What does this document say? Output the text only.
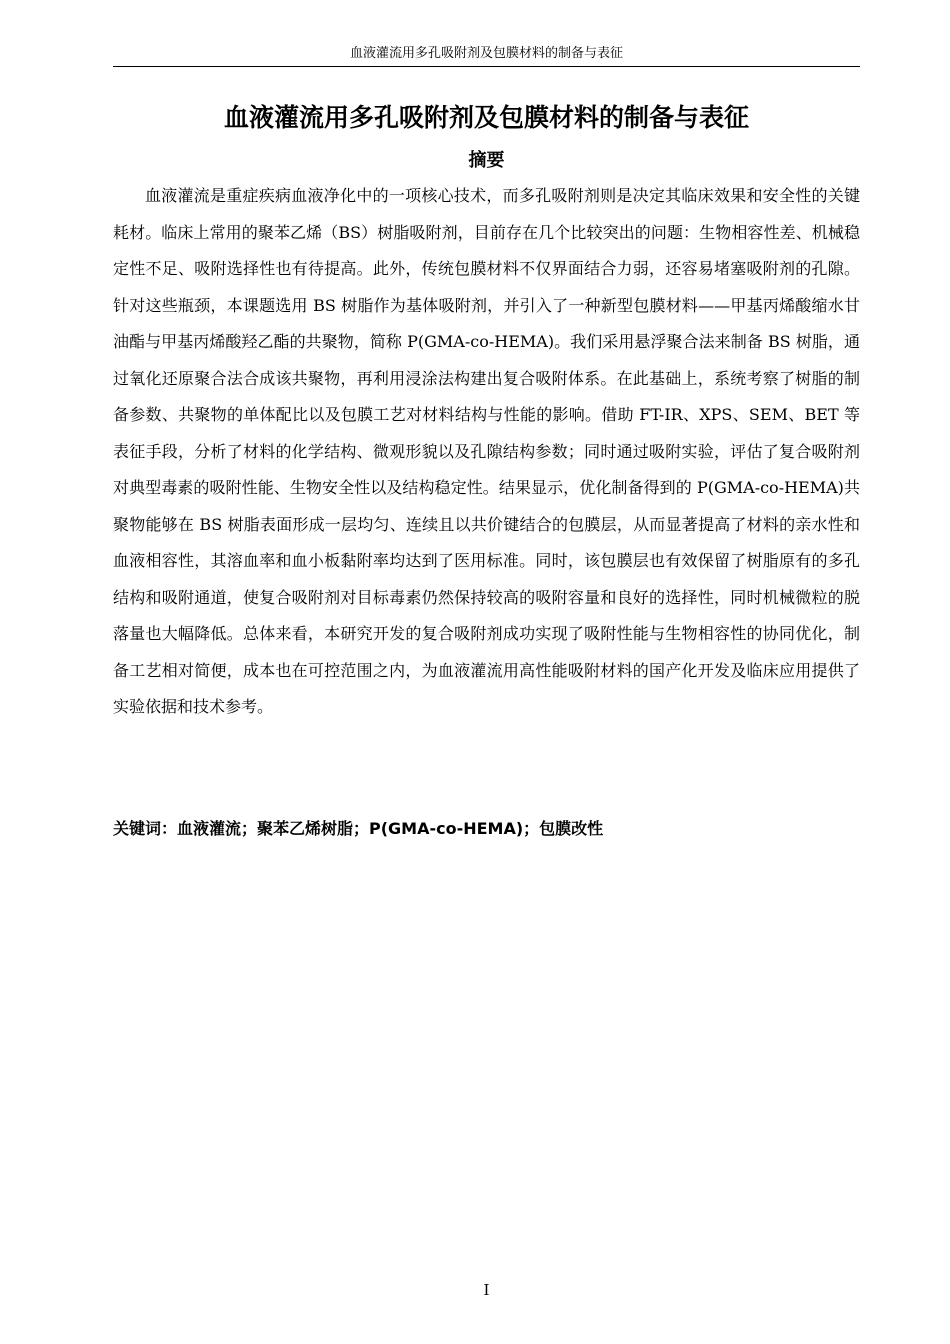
血液灌流用多孔吸附剂及包膜材料的制备与表征
血液灌流用多孔吸附剂及包膜材料的制备与表征
摘要

血液灌流是重症疾病血液净化中的一项核心技术，而多孔吸附剂则是决定其临床效果和安全性的关键耗材。临床上常用的聚苯乙烯（BS）树脂吸附剂，目前存在几个比较突出的问题：生物相容性差、机械稳定性不足、吸附选择性也有待提高。此外，传统包膜材料不仅界面结合力弱，还容易堵塞吸附剂的孔隙。针对这些瓶颈，本课题选用 BS 树脂作为基体吸附剂，并引入了一种新型包膜材料——甲基丙烯酸缩水甘油酯与甲基丙烯酸羟乙酯的共聚物，简称 P(GMA-co-HEMA)。我们采用悬浮聚合法来制备 BS 树脂，通过氧化还原聚合法合成该共聚物，再利用浸涂法构建出复合吸附体系。在此基础上，系统考察了树脂的制备参数、共聚物的单体配比以及包膜工艺对材料结构与性能的影响。借助 FT-IR、XPS、SEM、BET 等表征手段，分析了材料的化学结构、微观形貌以及孔隙结构参数；同时通过吸附实验，评估了复合吸附剂对典型毒素的吸附性能、生物安全性以及结构稳定性。结果显示，优化制备得到的 P(GMA-co-HEMA)共聚物能够在 BS 树脂表面形成一层均匀、连续且以共价键结合的包膜层，从而显著提高了材料的亲水性和血液相容性，其溶血率和血小板黏附率均达到了医用标准。同时，该包膜层也有效保留了树脂原有的多孔结构和吸附通道，使复合吸附剂对目标毒素仍然保持较高的吸附容量和良好的选择性，同时机械微粒的脱落量也大幅降低。总体来看，本研究开发的复合吸附剂成功实现了吸附性能与生物相容性的协同优化，制备工艺相对简便，成本也在可控范围之内，为血液灌流用高性能吸附材料的国产化开发及临床应用提供了实验依据和技术参考。

关键词：血液灌流；聚苯乙烯树脂；P(GMA-co-HEMA)；包膜改性

I
